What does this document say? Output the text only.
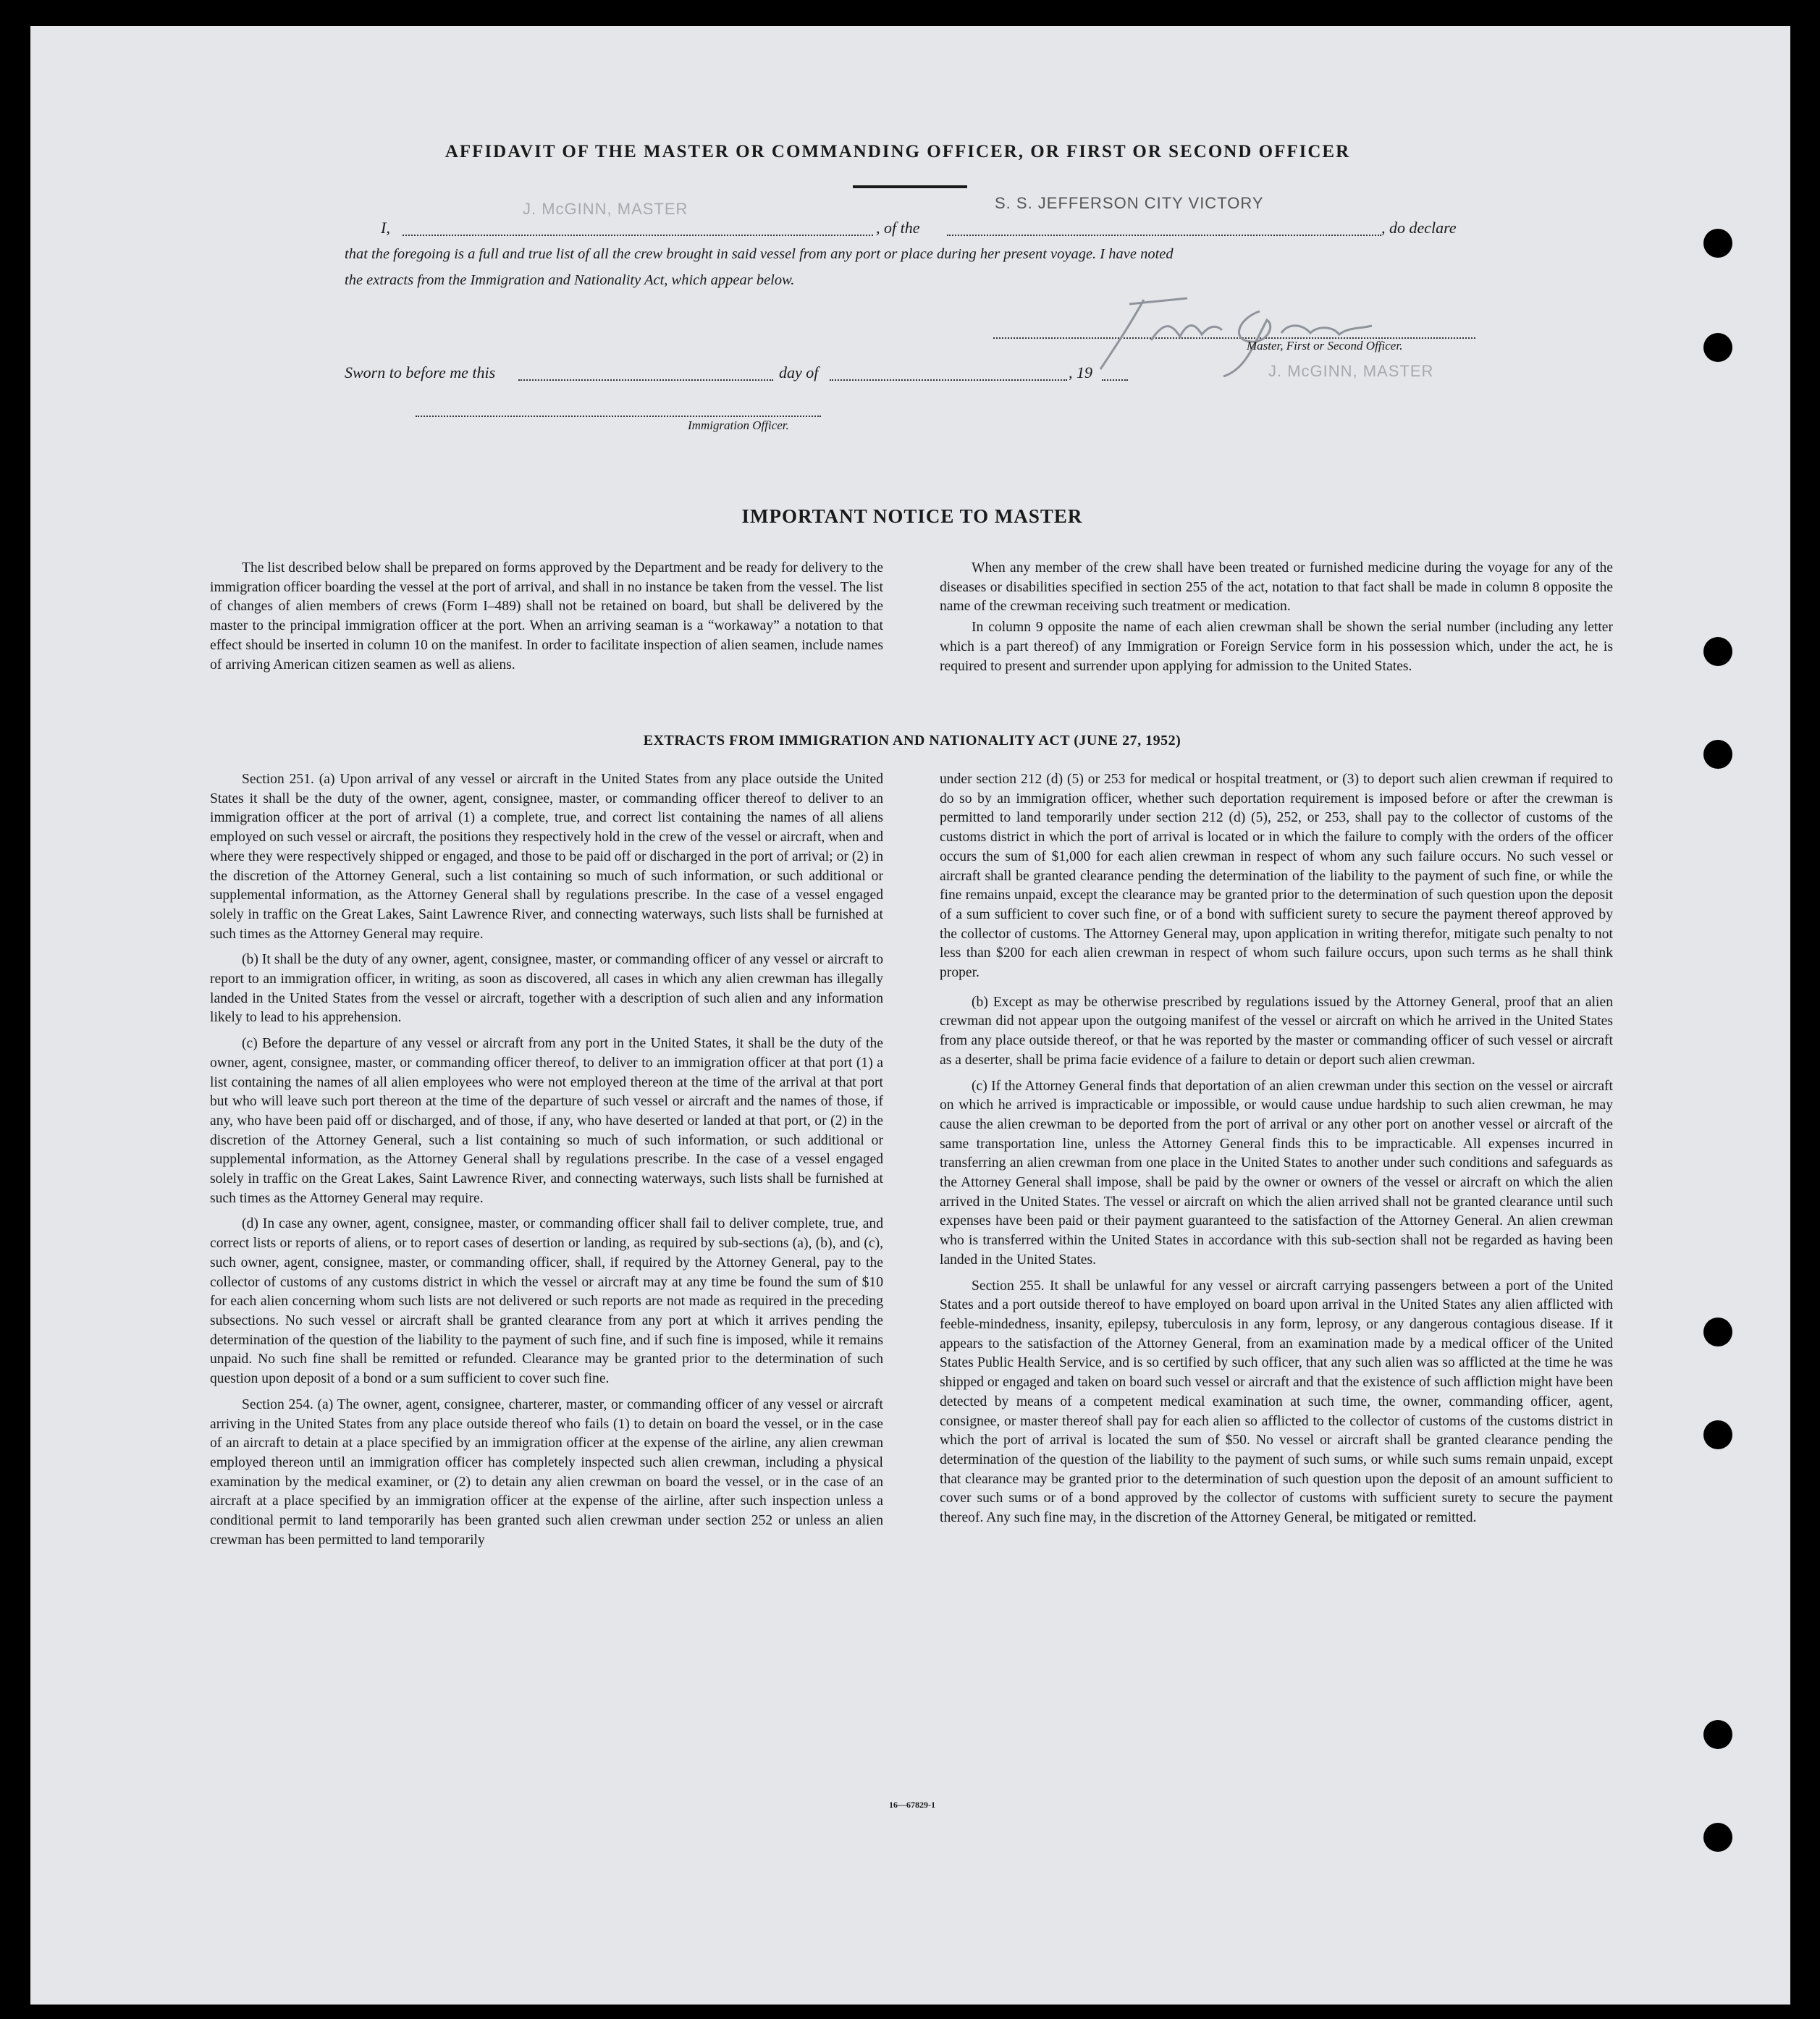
AFFIDAVIT OF THE MASTER OR COMMANDING OFFICER, OR FIRST OR SECOND OFFICER
I,
J. McGINN, MASTER
, of the
S. S. JEFFERSON CITY VICTORY
, do declare
that the foregoing is a full and true list of all the crew brought in said vessel from any port or place during her present voyage. I have noted
the extracts from the Immigration and Nationality Act, which appear below.
Master, First or Second Officer.
J. McGINN, MASTER
Sworn to before me this	day of	, 19
Immigration Officer.
IMPORTANT NOTICE TO MASTER

The list described below shall be prepared on forms approved by the Department and be ready for delivery to the immigration officer boarding the vessel at the port of arrival, and shall in no instance be taken from the vessel. The list of changes of alien members of crews (Form I–489) shall not be retained on board, but shall be delivered by the master to the principal immigration officer at the port. When an arriving seaman is a “workaway” a notation to that effect should be inserted in column 10 on the manifest. In order to facilitate inspection of alien seamen, include names of arriving American citizen seamen as well as aliens.

When any member of the crew shall have been treated or furnished medicine during the voyage for any of the diseases or disabilities specified in section 255 of the act, notation to that fact shall be made in column 8 opposite the name of the crewman receiving such treatment or medication.

In column 9 opposite the name of each alien crewman shall be shown the serial number (including any letter which is a part thereof) of any Immigration or Foreign Service form in his possession which, under the act, he is required to present and surrender upon applying for admission to the United States.

EXTRACTS FROM IMMIGRATION AND NATIONALITY ACT (JUNE 27, 1952)

Section 251. (a) Upon arrival of any vessel or aircraft in the United States from any place outside the United States it shall be the duty of the owner, agent, consignee, master, or commanding officer thereof to deliver to an immigration officer at the port of arrival (1) a complete, true, and correct list containing the names of all aliens employed on such vessel or aircraft, the positions they respectively hold in the crew of the vessel or aircraft, when and where they were respectively shipped or engaged, and those to be paid off or discharged in the port of arrival; or (2) in the discretion of the Attorney General, such a list containing so much of such information, or such additional or supplemental information, as the Attorney General shall by regulations prescribe. In the case of a vessel engaged solely in traffic on the Great Lakes, Saint Lawrence River, and connecting waterways, such lists shall be furnished at such times as the Attorney General may require.

(b) It shall be the duty of any owner, agent, consignee, master, or commanding officer of any vessel or aircraft to report to an immigration officer, in writing, as soon as discovered, all cases in which any alien crewman has illegally landed in the United States from the vessel or aircraft, together with a description of such alien and any information likely to lead to his apprehension.

(c) Before the departure of any vessel or aircraft from any port in the United States, it shall be the duty of the owner, agent, consignee, master, or commanding officer thereof, to deliver to an immigration officer at that port (1) a list containing the names of all alien employees who were not employed thereon at the time of the arrival at that port but who will leave such port thereon at the time of the departure of such vessel or aircraft and the names of those, if any, who have been paid off or discharged, and of those, if any, who have deserted or landed at that port, or (2) in the discretion of the Attorney General, such a list containing so much of such information, or such additional or supplemental information, as the Attorney General shall by regulations prescribe. In the case of a vessel engaged solely in traffic on the Great Lakes, Saint Lawrence River, and connecting waterways, such lists shall be furnished at such times as the Attorney General may require.

(d) In case any owner, agent, consignee, master, or commanding officer shall fail to deliver complete, true, and correct lists or reports of aliens, or to report cases of desertion or landing, as required by sub-sections (a), (b), and (c), such owner, agent, consignee, master, or commanding officer, shall, if required by the Attorney General, pay to the collector of customs of any customs district in which the vessel or aircraft may at any time be found the sum of $10 for each alien concerning whom such lists are not delivered or such reports are not made as required in the preceding subsections. No such vessel or aircraft shall be granted clearance from any port at which it arrives pending the determination of the question of the liability to the payment of such fine, and if such fine is imposed, while it remains unpaid. No such fine shall be remitted or refunded. Clearance may be granted prior to the determination of such question upon deposit of a bond or a sum sufficient to cover such fine.

Section 254. (a) The owner, agent, consignee, charterer, master, or commanding officer of any vessel or aircraft arriving in the United States from any place outside thereof who fails (1) to detain on board the vessel, or in the case of an aircraft to detain at a place specified by an immigration officer at the expense of the airline, any alien crewman employed thereon until an immigration officer has completely inspected such alien crewman, including a physical examination by the medical examiner, or (2) to detain any alien crewman on board the vessel, or in the case of an aircraft at a place specified by an immigration officer at the expense of the airline, after such inspection unless a conditional permit to land temporarily has been granted such alien crewman under section 252 or unless an alien crewman has been permitted to land temporarily

under section 212 (d) (5) or 253 for medical or hospital treatment, or (3) to deport such alien crewman if required to do so by an immigration officer, whether such deportation requirement is imposed before or after the crewman is permitted to land temporarily under section 212 (d) (5), 252, or 253, shall pay to the collector of customs of the customs district in which the port of arrival is located or in which the failure to comply with the orders of the officer occurs the sum of $1,000 for each alien crewman in respect of whom any such failure occurs. No such vessel or aircraft shall be granted clearance pending the determination of the liability to the payment of such fine, or while the fine remains unpaid, except the clearance may be granted prior to the determination of such question upon the deposit of a sum sufficient to cover such fine, or of a bond with sufficient surety to secure the payment thereof approved by the collector of customs. The Attorney General may, upon application in writing therefor, mitigate such penalty to not less than $200 for each alien crewman in respect of whom such failure occurs, upon such terms as he shall think proper.

(b) Except as may be otherwise prescribed by regulations issued by the Attorney General, proof that an alien crewman did not appear upon the outgoing manifest of the vessel or aircraft on which he arrived in the United States from any place outside thereof, or that he was reported by the master or commanding officer of such vessel or aircraft as a deserter, shall be prima facie evidence of a failure to detain or deport such alien crewman.

(c) If the Attorney General finds that deportation of an alien crewman under this section on the vessel or aircraft on which he arrived is impracticable or impossible, or would cause undue hardship to such alien crewman, he may cause the alien crewman to be deported from the port of arrival or any other port on another vessel or aircraft of the same transportation line, unless the Attorney General finds this to be impracticable. All expenses incurred in transferring an alien crewman from one place in the United States to another under such conditions and safeguards as the Attorney General shall impose, shall be paid by the owner or owners of the vessel or aircraft on which the alien arrived in the United States. The vessel or aircraft on which the alien arrived shall not be granted clearance until such expenses have been paid or their payment guaranteed to the satisfaction of the Attorney General. An alien crewman who is transferred within the United States in accordance with this sub-section shall not be regarded as having been landed in the United States.

Section 255. It shall be unlawful for any vessel or aircraft carrying passengers between a port of the United States and a port outside thereof to have employed on board upon arrival in the United States any alien afflicted with feeble-mindedness, insanity, epilepsy, tuberculosis in any form, leprosy, or any dangerous contagious disease. If it appears to the satisfaction of the Attorney General, from an examination made by a medical officer of the United States Public Health Service, and is so certified by such officer, that any such alien was so afflicted at the time he was shipped or engaged and taken on board such vessel or aircraft and that the existence of such affliction might have been detected by means of a competent medical examination at such time, the owner, commanding officer, agent, consignee, or master thereof shall pay for each alien so afflicted to the collector of customs of the customs district in which the port of arrival is located the sum of $50. No vessel or aircraft shall be granted clearance pending the determination of the question of the liability to the payment of such sums, or while such sums remain unpaid, except that clearance may be granted prior to the determination of such question upon the deposit of an amount sufficient to cover such sums or of a bond approved by the collector of customs with sufficient surety to secure the payment thereof. Any such fine may, in the discretion of the Attorney General, be mitigated or remitted.

16—67829-1
